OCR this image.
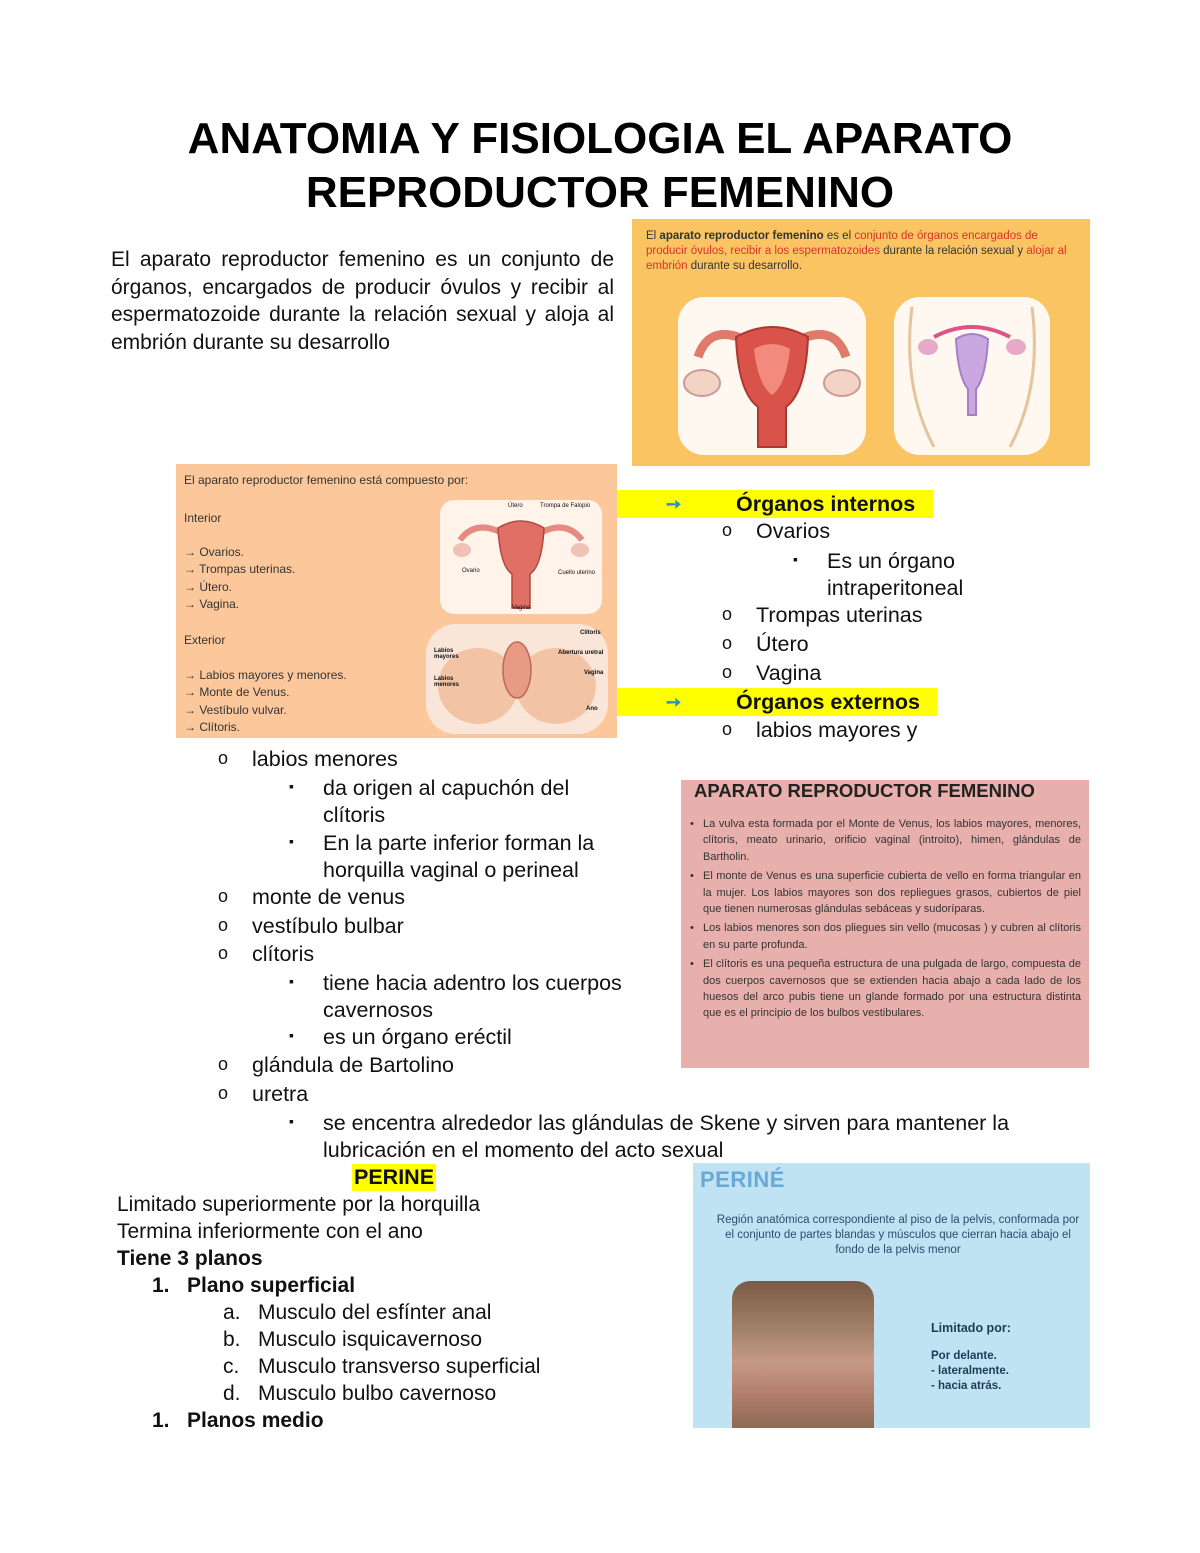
ANATOMIA Y FISIOLOGIA EL APARATO
REPRODUCTOR FEMENINO

El aparato reproductor femenino es un conjunto de órganos, encargados de producir óvulos y recibir al espermatozoide durante la relación sexual y aloja al embrión durante su desarrollo

El aparato reproductor femenino es el conjunto de órganos encargados de producir óvulos, recibir a los espermatozoides durante la relación sexual y alojar al embrión durante su desarrollo.
El aparato reproductor femenino está compuesto por:
Interior
→ Ovarios.
→ Trompas uterinas.
→ Útero.
→ Vagina.
Exterior
→ Labios mayores y menores.
→ Monte de Venus.
→ Vestíbulo vulvar.
→ Clítoris.
Útero	Trompa de Falopio
Ovario	Cuello uterino
Vagina
Clítoris
Labios mayores
Abertura uretral
Labios menores
Vagina
Ano
➙	Órganos internos
o Ovarios
▪ Es un órgano
intraperitoneal
o Trompas uterinas
o Útero
o Vagina
➙	Órganos externos
o labios mayores y
o labios menores
▪ da origen al capuchón del
clítoris
▪ En la parte inferior forman la
horquilla vaginal o perineal
o monte de venus
o vestíbulo bulbar
o clítoris
▪ tiene hacia adentro los cuerpos
cavernosos
▪ es un órgano eréctil
o glándula de Bartolino
o uretra
▪ se encentra alrededor las glándulas de Skene y sirven para mantener la
lubricación en el momento del acto sexual
APARATO REPRODUCTOR FEMENINO
• La vulva esta formada por el Monte de Venus, los labios mayores, menores, clítoris, meato urinario, orificio vaginal (introito), himen, glándulas de Bartholin.
• El monte de Venus es una superficie cubierta de vello en forma triangular en la mujer. Los labios mayores son dos repliegues grasos, cubiertos de piel que tienen numerosas glándulas sebáceas y sudoríparas.
• Los labios menores son dos pliegues sin vello (mucosas ) y cubren al clítoris en su parte profunda.
• El clítoris es una pequeña estructura de una pulgada de largo, compuesta de dos cuerpos cavernosos que se extienden hacia abajo a cada lado de los huesos del arco pubis tiene un glande formado por una estructura distinta que es el principio de los bulbos vestibulares.
PERINE
Limitado superiormente por la horquilla
Termina inferiormente con el ano
Tiene 3 planos
1. Plano superficial
a. Musculo del esfínter anal
b. Musculo isquicavernoso
c. Musculo transverso superficial
d. Musculo bulbo cavernoso
1. Planos medio
PERINÉ
Región anatómica correspondiente al piso de la pelvis, conformada por el conjunto de partes blandas y músculos que cierran hacia abajo el fondo de la pelvis menor
Limitado por:
Por delante.
- lateralmente.
- hacia atrás.
